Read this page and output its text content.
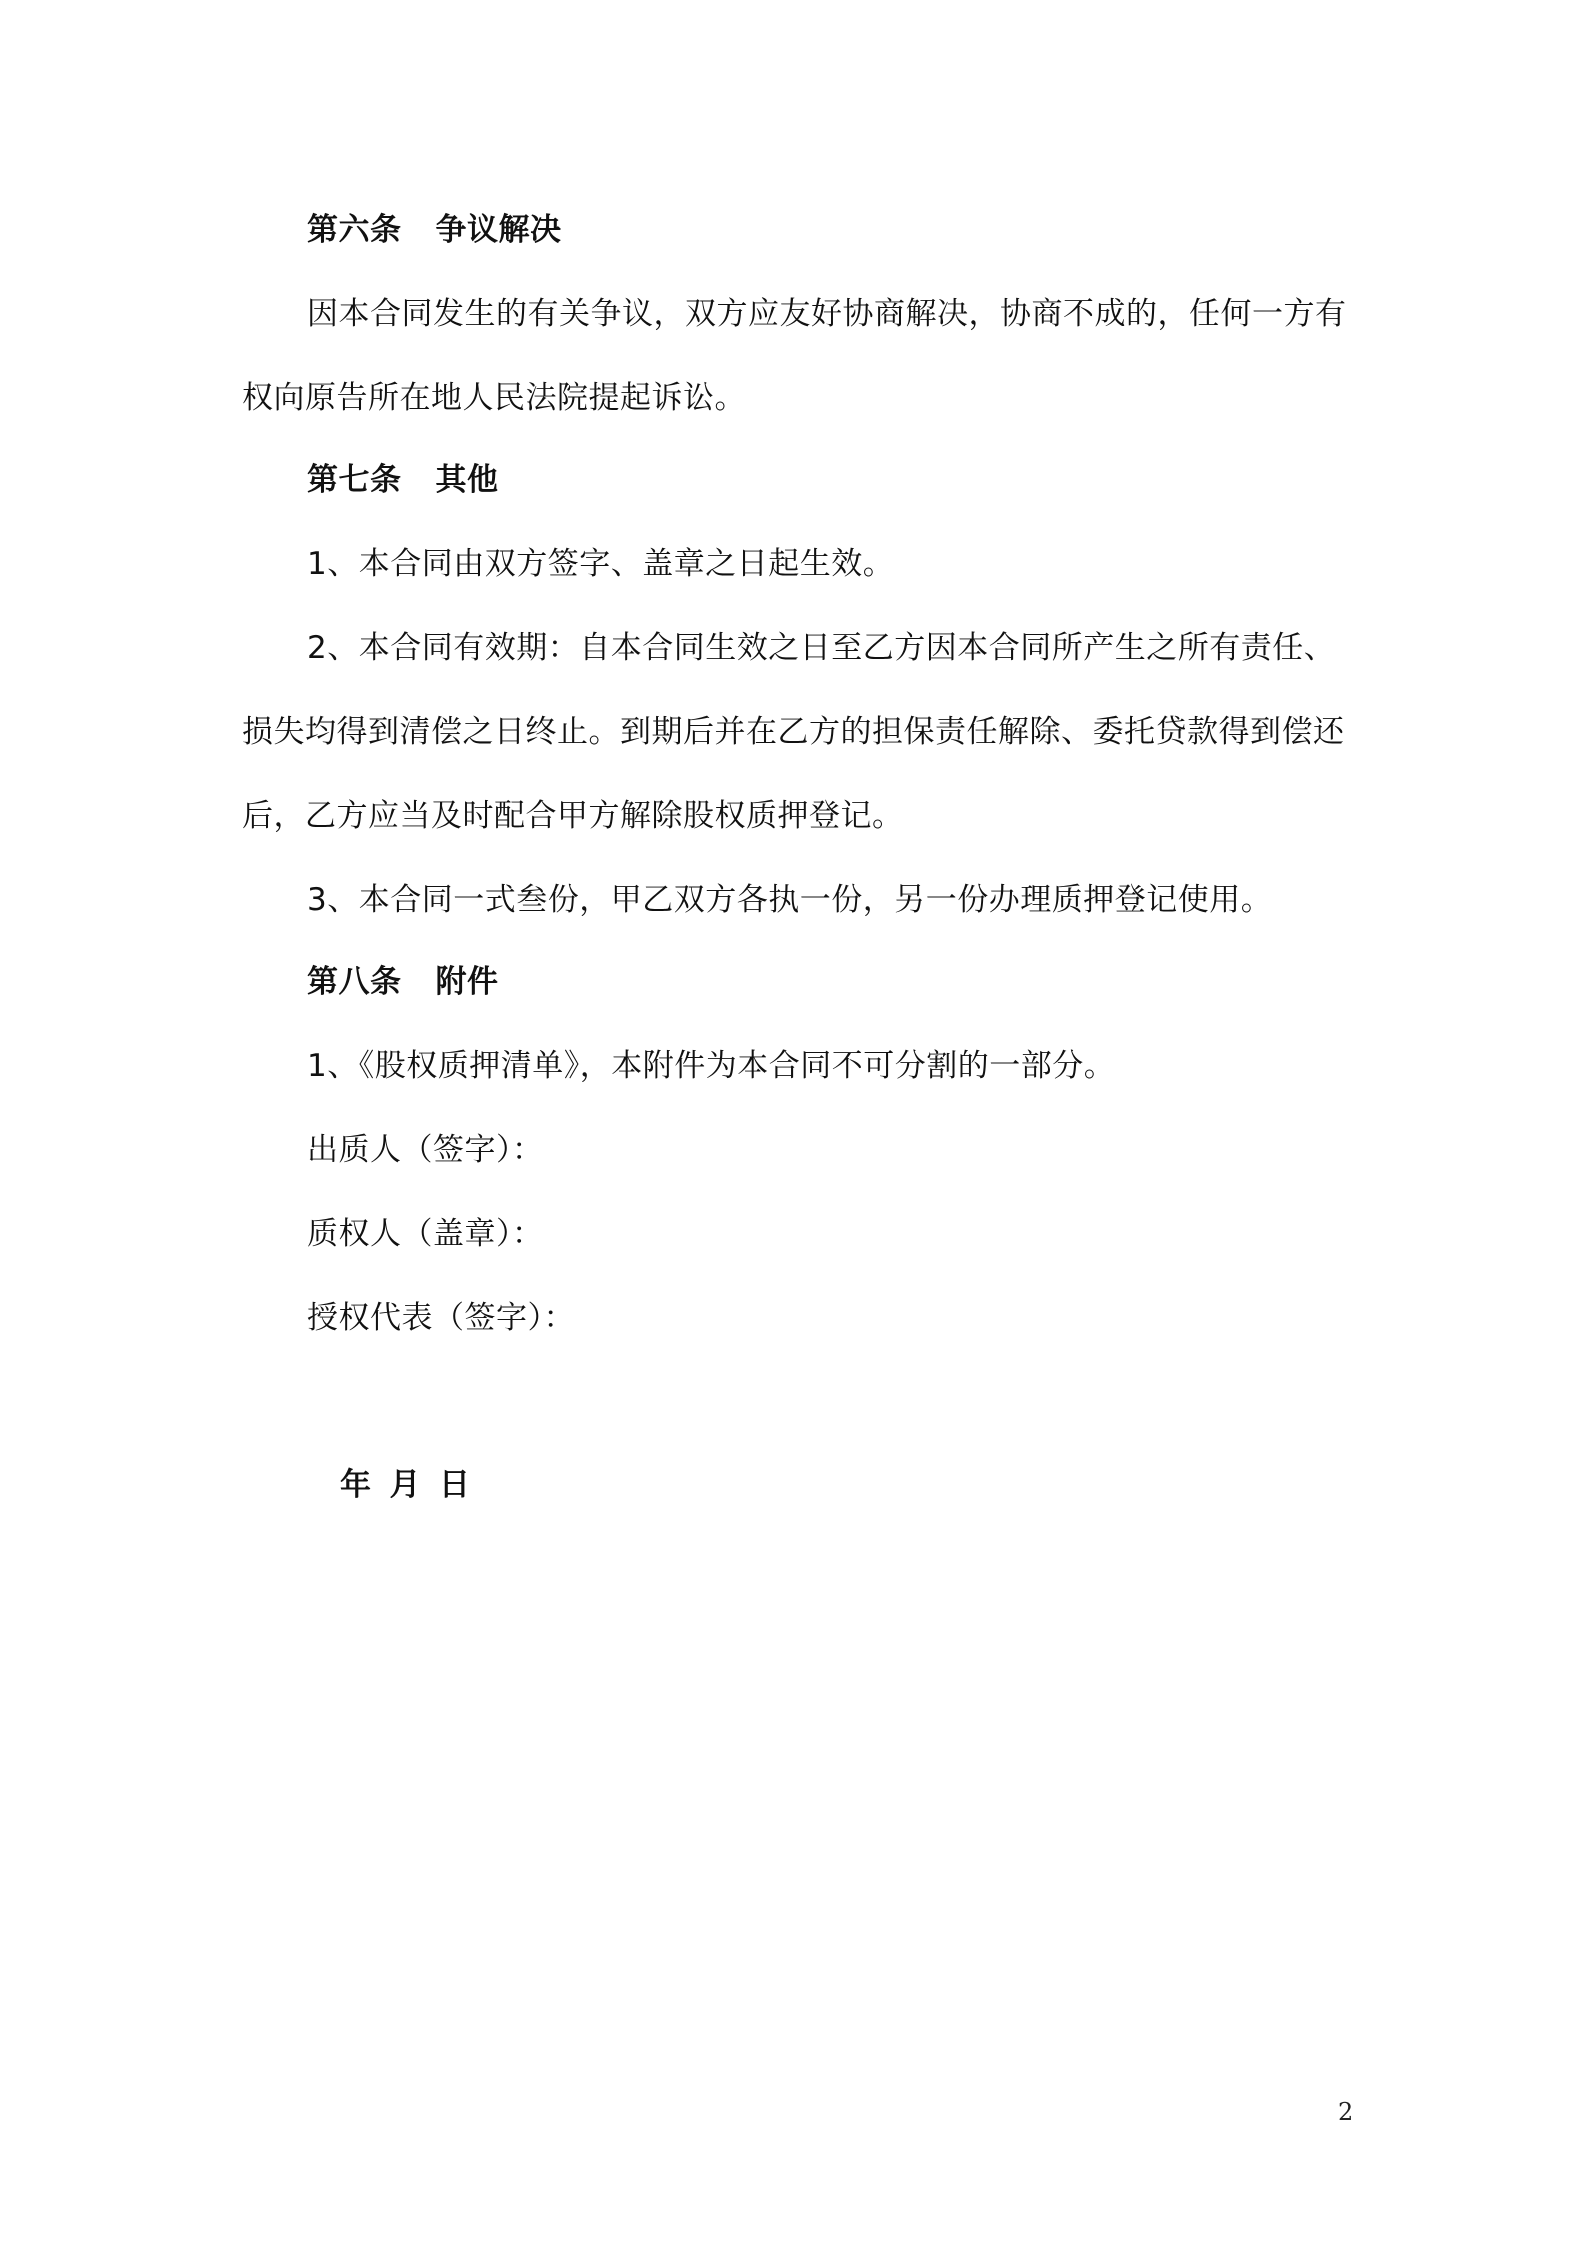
第六条 争议解决
因本合同发生的有关争议，双方应友好协商解决，协商不成的，任何一方有
权向原告所在地人民法院提起诉讼。
第七条 其他
1、本合同由双方签字、盖章之日起生效。
2、本合同有效期：自本合同生效之日至乙方因本合同所产生之所有责任、
损失均得到清偿之日终止。到期后并在乙方的担保责任解除、委托贷款得到偿还
后，乙方应当及时配合甲方解除股权质押登记。
3、本合同一式叁份，甲乙双方各执一份，另一份办理质押登记使用。
第八条 附件
1、《股权质押清单》，本附件为本合同不可分割的一部分。
出质人（签字）：
质权人（盖章）：
授权代表（签字）：
年 月 日
2
